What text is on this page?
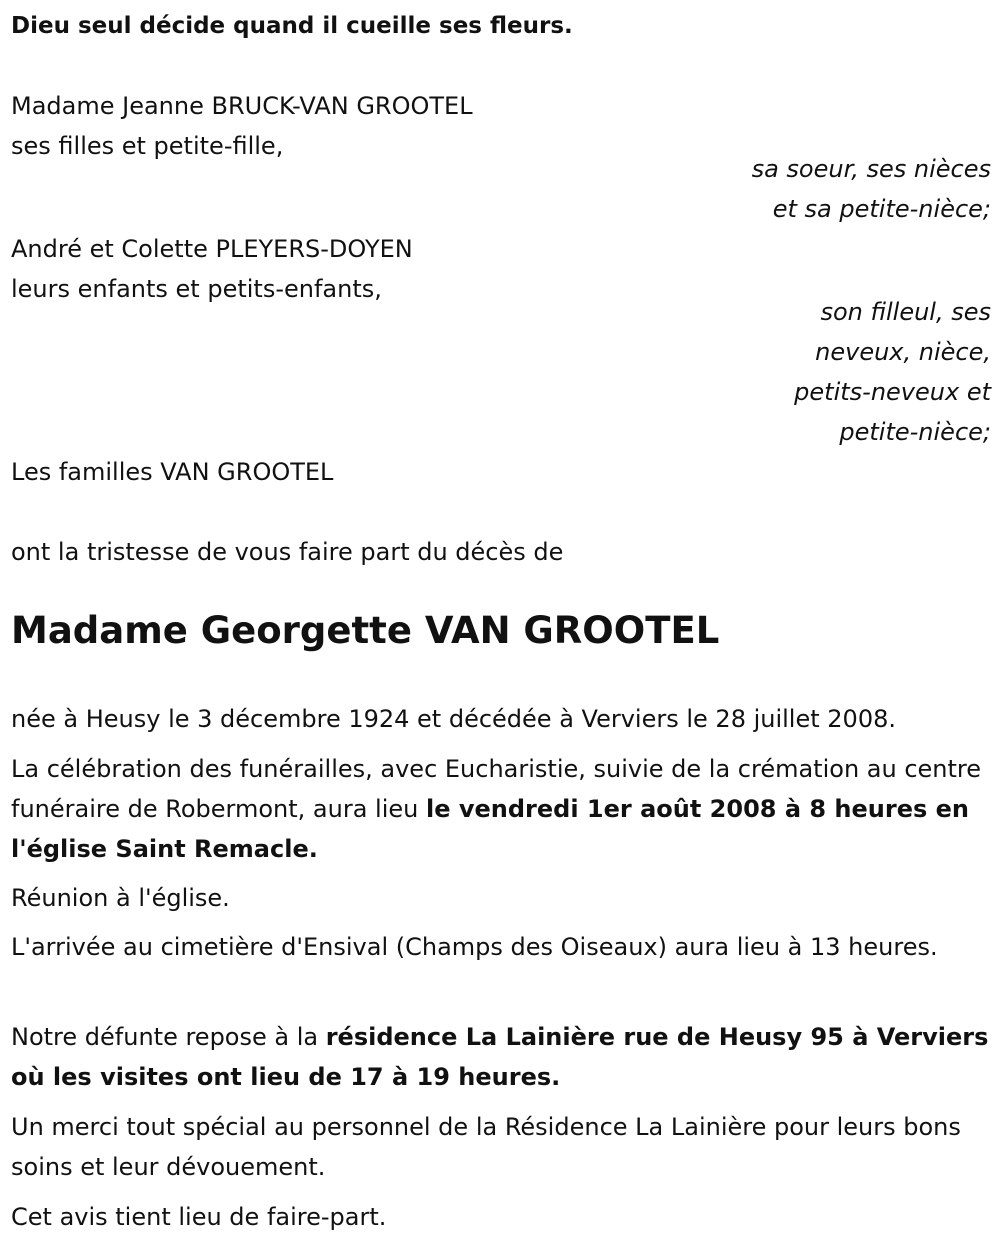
Dieu seul décide quand il cueille ses fleurs.
Madame Jeanne BRUCK-VAN GROOTEL
ses filles et petite-fille,
sa soeur, ses nièces
et sa petite-nièce;
André et Colette PLEYERS-DOYEN
leurs enfants et petits-enfants,
son filleul, ses
neveux, nièce,
petits-neveux et
petite-nièce;
Les familles VAN GROOTEL
ont la tristesse de vous faire part du décès de
Madame Georgette VAN GROOTEL
née à Heusy le 3 décembre 1924 et décédée à Verviers le 28 juillet 2008.
La célébration des funérailles, avec Eucharistie, suivie de la crémation au centre funéraire de Robermont, aura lieu le vendredi 1er août 2008 à 8 heures en l'église Saint Remacle.
Réunion à l'église.
L'arrivée au cimetière d'Ensival (Champs des Oiseaux) aura lieu à 13 heures.
Notre défunte repose à la résidence La Lainière rue de Heusy 95 à Verviers où les visites ont lieu de 17 à 19 heures.
Un merci tout spécial au personnel de la Résidence La Lainière pour leurs bons soins et leur dévouement.
Cet avis tient lieu de faire-part.
